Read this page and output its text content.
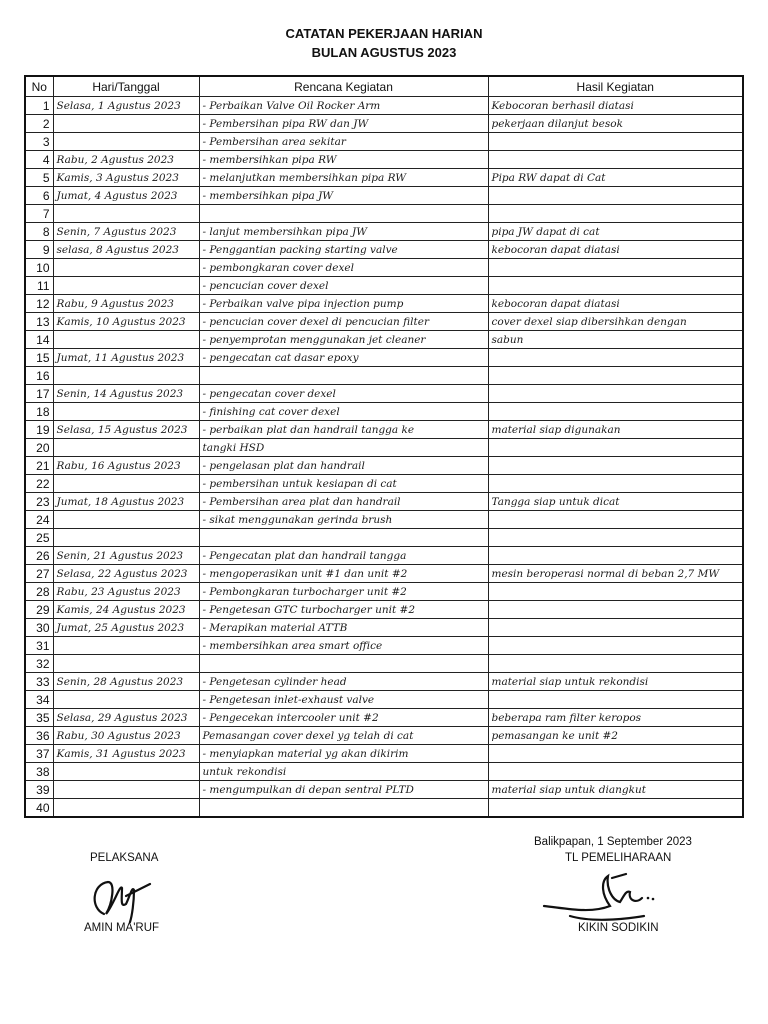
CATATAN PEKERJAAN HARIAN
BULAN AGUSTUS 2023
No	Hari/Tanggal	Rencana Kegiatan	Hasil Kegiatan
1	Selasa, 1 Agustus 2023	- Perbaikan Valve Oil Rocker Arm	Kebocoran berhasil diatasi
2		- Pembersihan pipa RW dan JW	pekerjaan dilanjut besok
3		- Pembersihan area sekitar	
4	Rabu, 2 Agustus 2023	- membersihkan pipa RW	
5	Kamis, 3 Agustus 2023	- melanjutkan membersihkan pipa RW	Pipa RW dapat di Cat
6	Jumat, 4 Agustus 2023	- membersihkan pipa JW	
7			
8	Senin, 7 Agustus 2023	- lanjut membersihkan pipa JW	pipa JW dapat di cat
9	selasa, 8 Agustus 2023	- Penggantian packing starting valve	kebocoran dapat diatasi
10		- pembongkaran cover dexel	
11		- pencucian cover dexel	
12	Rabu, 9 Agustus 2023	- Perbaikan valve pipa injection pump	kebocoran dapat diatasi
13	Kamis, 10 Agustus 2023	- pencucian cover dexel di pencucian filter	cover dexel siap dibersihkan dengan
14		- penyemprotan menggunakan jet cleaner	sabun
15	Jumat, 11 Agustus 2023	- pengecatan cat dasar epoxy	
16			
17	Senin, 14 Agustus 2023	- pengecatan cover dexel	
18		- finishing cat cover dexel	
19	Selasa, 15 Agustus 2023	- perbaikan plat dan handrail tangga ke	material siap digunakan
20		tangki HSD	
21	Rabu, 16 Agustus 2023	- pengelasan plat dan handrail	
22		- pembersihan untuk kesiapan di cat	
23	Jumat, 18 Agustus 2023	- Pembersihan area plat dan handrail	Tangga siap untuk dicat
24		- sikat menggunakan gerinda brush	
25			
26	Senin, 21 Agustus 2023	- Pengecatan plat dan handrail tangga	
27	Selasa, 22 Agustus 2023	- mengoperasikan unit #1 dan unit #2	mesin beroperasi normal di beban 2,7 MW
28	Rabu, 23 Agustus 2023	- Pembongkaran turbocharger unit #2	
29	Kamis, 24 Agustus 2023	- Pengetesan GTC turbocharger unit #2	
30	Jumat, 25 Agustus 2023	- Merapikan material ATTB	
31		- membersihkan area smart office	
32			
33	Senin, 28 Agustus 2023	- Pengetesan cylinder head	material siap untuk rekondisi
34		- Pengetesan inlet-exhaust valve	
35	Selasa, 29 Agustus 2023	- Pengecekan intercooler unit #2	beberapa ram filter keropos
36	Rabu, 30 Agustus 2023	Pemasangan cover dexel yg telah di cat	pemasangan ke unit #2
37	Kamis, 31 Agustus 2023	- menyiapkan material yg akan dikirim	
38		untuk rekondisi	
39		- mengumpulkan di depan sentral PLTD	material siap untuk diangkut
40			
Balikpapan, 1 September 2023
TL PEMELIHARAAN
PELAKSANA
AMIN MA'RUF	KIKIN SODIKIN
